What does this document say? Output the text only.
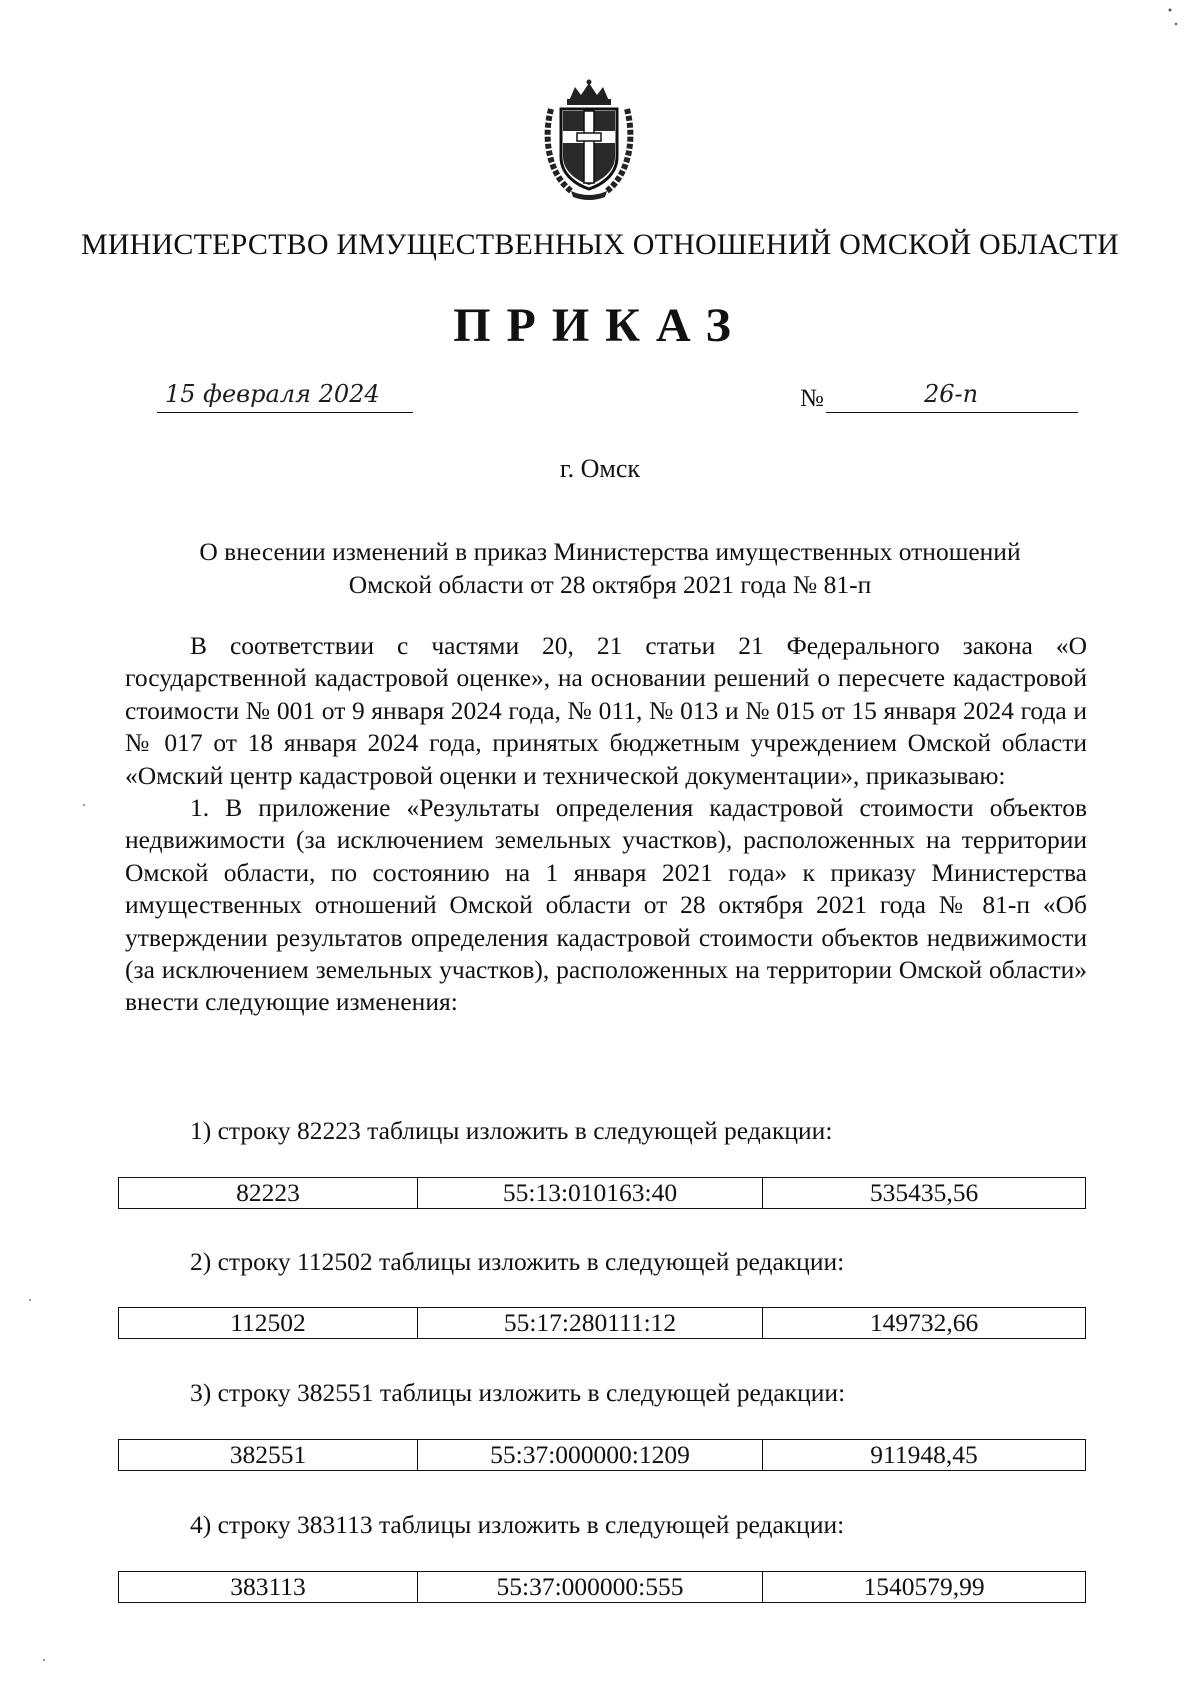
МИНИСТЕРСТВО ИМУЩЕСТВЕННЫХ ОТНОШЕНИЙ ОМСКОЙ ОБЛАСТИ
ПРИКАЗ
15 февраля 2024	№	26-п
г. Омск
О внесении изменений в приказ Министерства имущественных отношений
Омской области от 28 октября 2021 года № 81-п

В соответствии с частями 20, 21 статьи 21 Федерального закона «О государственной кадастровой оценке», на основании решений о пересчете кадастровой стоимости № 001 от 9 января 2024 года, № 011, № 013 и № 015 от 15 января 2024 года и № 017 от 18 января 2024 года, принятых бюджетным учреждением Омской области «Омский центр кадастровой оценки и технической документации», приказываю:

1. В приложение «Результаты определения кадастровой стоимости объектов недвижимости (за исключением земельных участков), расположенных на территории Омской области, по состоянию на 1 января 2021 года» к приказу Министерства имущественных отношений Омской области от 28 октября 2021 года № 81-п «Об утверждении результатов определения кадастровой стоимости объектов недвижимости (за исключением земельных участков), расположенных на территории Омской области» внести следующие изменения:

1) строку 82223 таблицы изложить в следующей редакции:
82223	55:13:010163:40	535435,56
2) строку 112502 таблицы изложить в следующей редакции:
112502	55:17:280111:12	149732,66
3) строку 382551 таблицы изложить в следующей редакции:
382551	55:37:000000:1209	911948,45
4) строку 383113 таблицы изложить в следующей редакции:
383113	55:37:000000:555	1540579,99
